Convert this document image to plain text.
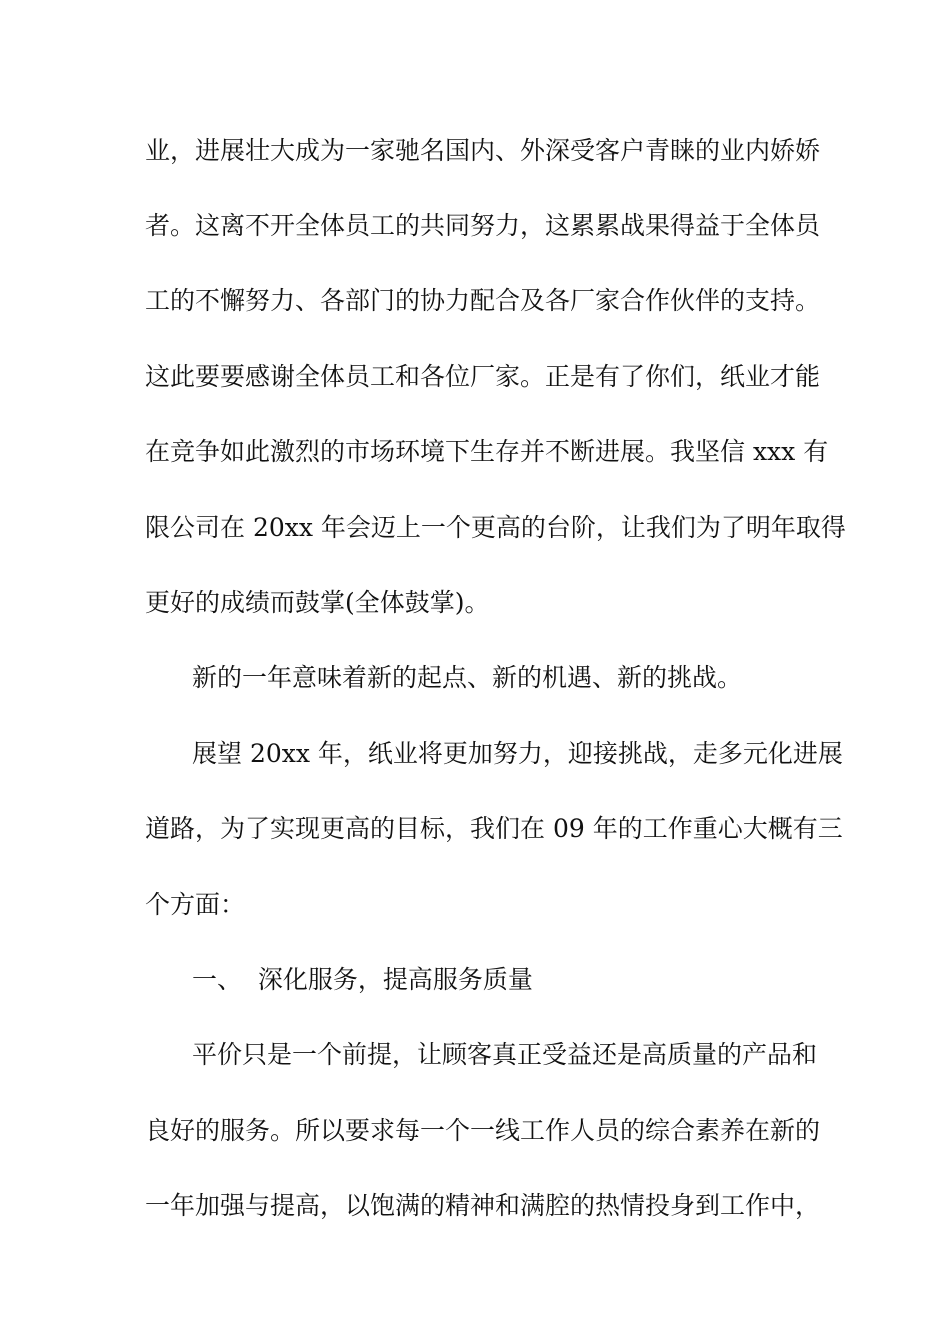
业，进展壮大成为一家驰名国内、外深受客户青睐的业内娇娇
者。这离不开全体员工的共同努力，这累累战果得益于全体员
工的不懈努力、各部门的协力配合及各厂家合作伙伴的支持。
这此要要感谢全体员工和各位厂家。正是有了你们，纸业才能
在竞争如此激烈的市场环境下生存并不断进展。我坚信 xxx 有
限公司在 20xx 年会迈上一个更高的台阶，让我们为了明年取得
更好的成绩而鼓掌(全体鼓掌)。
新的一年意味着新的起点、新的机遇、新的挑战。
展望 20xx 年，纸业将更加努力，迎接挑战，走多元化进展
道路，为了实现更高的目标，我们在 09 年的工作重心大概有三
个方面：
一、  深化服务，提高服务质量
平价只是一个前提，让顾客真正受益还是高质量的产品和
良好的服务。所以要求每一个一线工作人员的综合素养在新的
一年加强与提高，以饱满的精神和满腔的热情投身到工作中，
